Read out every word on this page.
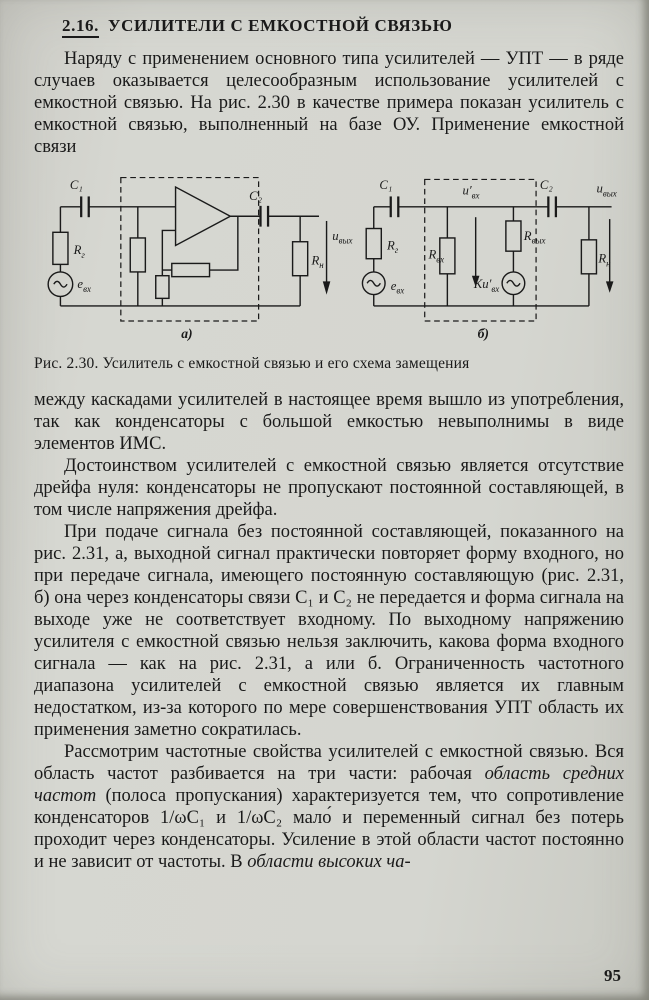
2.16. УСИЛИТЕЛИ С ЕМКОСТНОЙ СВЯЗЬЮ

Наряду с применением основного типа усилителей — УПТ — в ряде случаев оказывается целесообразным использование усилителей с емкостной связью. На рис. 2.30 в качестве примера показан усилитель с емкостной связью, выполненный на базе ОУ. Применение емкостной связи

C₁
$R_г$
$e_{вх}$
C₂
$R_н$
$u_{вых}$
а)
C₁
$R_г$
$e_{вх}$
$R_{вх}$
$u'_{вх}$
$R_{вых}$
$Кu'_{вх}$
C₂
$R_н$
$u_{вых}$
б)
Рис. 2.30. Усилитель с емкостной связью и его схема замещения

между каскадами усилителей в настоящее время вышло из употребления, так как конденсаторы с большой емкостью невыполнимы в виде элементов ИМС.

Достоинством усилителей с емкостной связью является отсутствие дрейфа нуля: конденсаторы не пропускают постоянной составляющей, в том числе напряжения дрейфа.

При подаче сигнала без постоянной составляющей, показанного на рис. 2.31, а, выходной сигнал практически повторяет форму входного, но при передаче сигнала, имеющего постоянную составляющую (рис. 2.31, б) она через конденсаторы связи C₁ и C₂ не передается и форма сигнала на выходе уже не соответствует входному. По выходному напряжению усилителя с емкостной связью нельзя заключить, какова форма входного сигнала — как на рис. 2.31, а или б. Ограниченность частотного диапазона усилителей с емкостной связью является их главным недостатком, из-за которого по мере совершенствования УПТ область их применения заметно сократилась.

Рассмотрим частотные свойства усилителей с емкостной связью. Вся область частот разбивается на три части: рабочая область средних частот (полоса пропускания) характеризуется тем, что сопротивление конденсаторов 1/ωC₁ и 1/ωC₂ мало́ и переменный сигнал без потерь проходит через конденсаторы. Усиление в этой области частот постоянно и не зависит от частоты. В области высоких ча-

95
